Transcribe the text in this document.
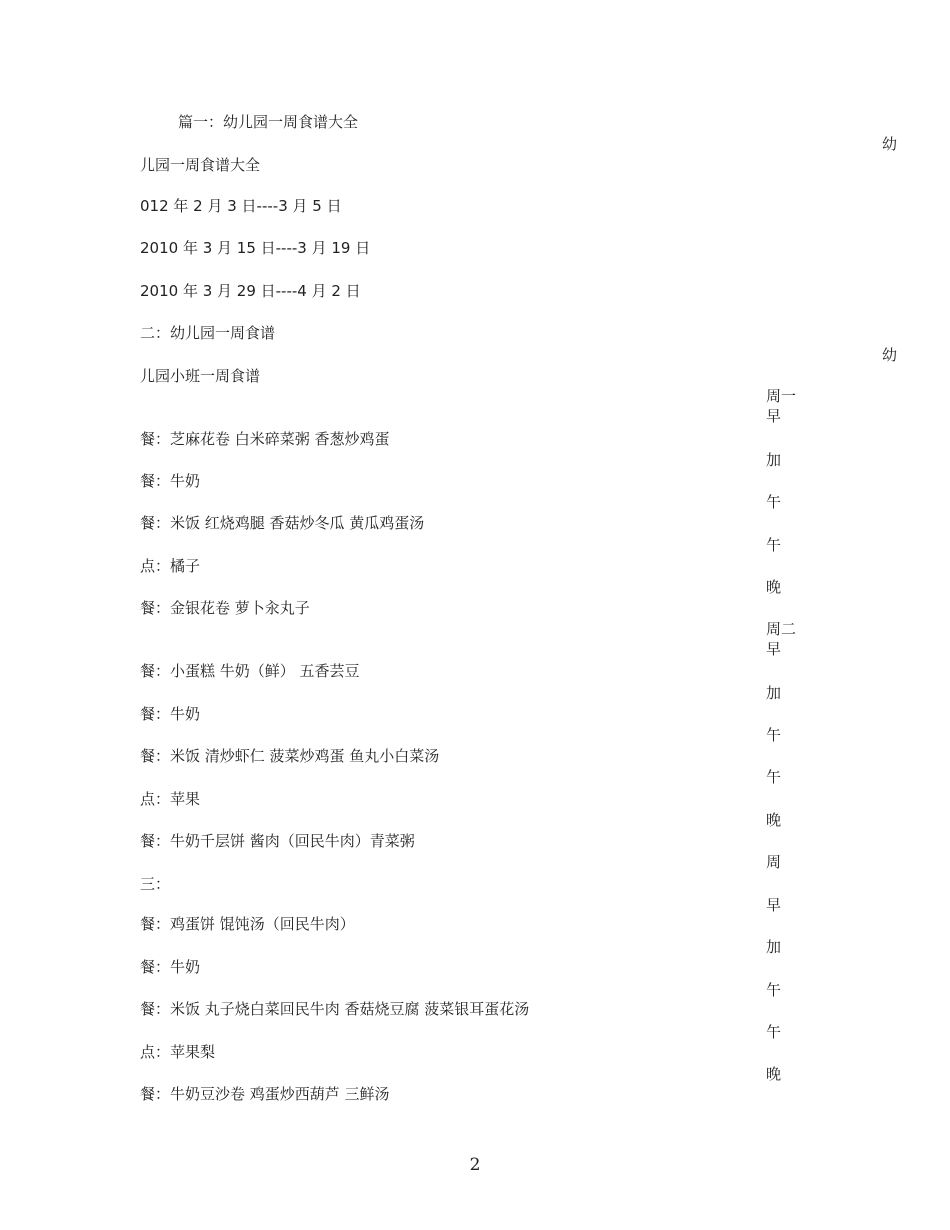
篇一：幼儿园一周食谱大全
儿园一周食谱大全
012 年 2 月 3 日----3 月 5 日
2010 年 3 月 15 日----3 月 19 日
2010 年 3 月 29 日----4 月 2 日
二：幼儿园一周食谱
儿园小班一周食谱
餐：芝麻花卷 白米碎菜粥 香葱炒鸡蛋
餐：牛奶
餐：米饭 红烧鸡腿 香菇炒冬瓜 黄瓜鸡蛋汤
点：橘子
餐：金银花卷 萝卜汆丸子
餐：小蛋糕 牛奶（鲜） 五香芸豆
餐：牛奶
餐：米饭 清炒虾仁 菠菜炒鸡蛋 鱼丸小白菜汤
点：苹果
餐：牛奶千层饼 酱肉（回民牛肉）青菜粥
三：
餐：鸡蛋饼 馄饨汤（回民牛肉）
餐：牛奶
餐：米饭 丸子烧白菜回民牛肉 香菇烧豆腐 菠菜银耳蛋花汤
点：苹果梨
餐：牛奶豆沙卷 鸡蛋炒西葫芦 三鲜汤
幼
幼
周一
早
加
午
午
晚
周二
早
加
午
午
晚
周
早
加
午
午
晚
2
